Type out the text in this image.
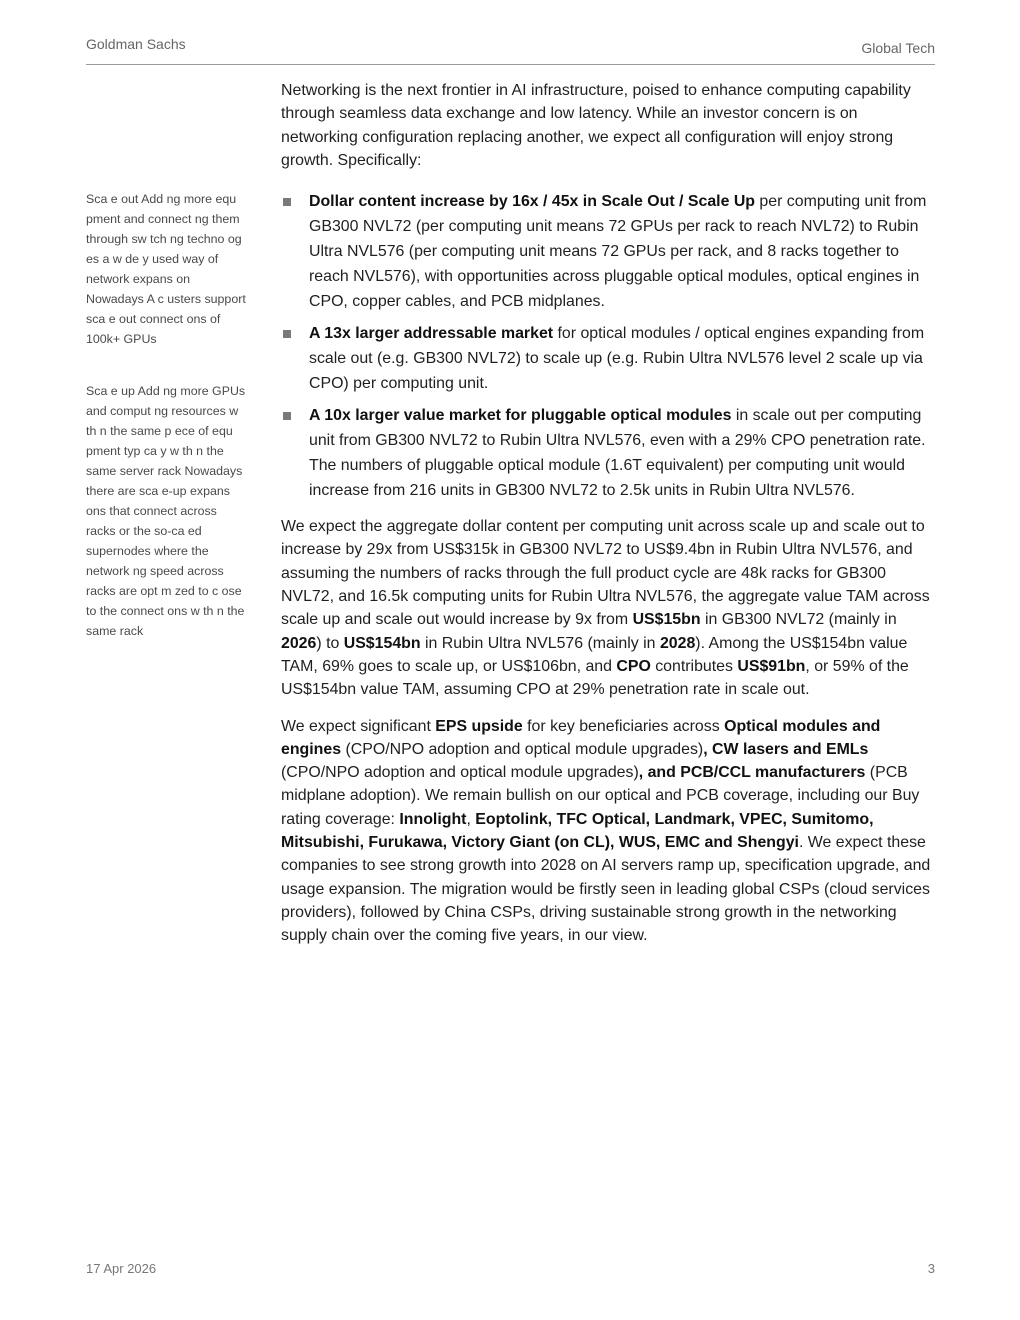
Goldman Sachs	Global Tech

Sca e out Add ng more equ pment and connect ng them through sw tch ng techno og es a w de y used way of network expans on Nowadays A c usters support sca e out connect ons of 100k+ GPUs

Sca e up Add ng more GPUs and comput ng resources w th n the same p ece of equ pment typ ca y w th n the same server rack Nowadays there are sca e-up expans ons that connect across racks or the so-ca ed supernodes where the network ng speed across racks are opt m zed to c ose to the connect ons w th n the same rack

Networking is the next frontier in AI infrastructure, poised to enhance computing capability through seamless data exchange and low latency. While an investor concern is on networking configuration replacing another, we expect all configuration will enjoy strong growth. Specifically:

Dollar content increase by 16x / 45x in Scale Out / Scale Up per computing unit from GB300 NVL72 (per computing unit means 72 GPUs per rack to reach NVL72) to Rubin Ultra NVL576 (per computing unit means 72 GPUs per rack, and 8 racks together to reach NVL576), with opportunities across pluggable optical modules, optical engines in CPO, copper cables, and PCB midplanes.
A 13x larger addressable market for optical modules / optical engines expanding from scale out (e.g. GB300 NVL72) to scale up (e.g. Rubin Ultra NVL576 level 2 scale up via CPO) per computing unit.
A 10x larger value market for pluggable optical modules in scale out per computing unit from GB300 NVL72 to Rubin Ultra NVL576, even with a 29% CPO penetration rate. The numbers of pluggable optical module (1.6T equivalent) per computing unit would increase from 216 units in GB300 NVL72 to 2.5k units in Rubin Ultra NVL576.

We expect the aggregate dollar content per computing unit across scale up and scale out to increase by 29x from US$315k in GB300 NVL72 to US$9.4bn in Rubin Ultra NVL576, and assuming the numbers of racks through the full product cycle are 48k racks for GB300 NVL72, and 16.5k computing units for Rubin Ultra NVL576, the aggregate value TAM across scale up and scale out would increase by 9x from US$15bn in GB300 NVL72 (mainly in 2026) to US$154bn in Rubin Ultra NVL576 (mainly in 2028). Among the US$154bn value TAM, 69% goes to scale up, or US$106bn, and CPO contributes US$91bn, or 59% of the US$154bn value TAM, assuming CPO at 29% penetration rate in scale out.

We expect significant EPS upside for key beneficiaries across Optical modules and engines (CPO/NPO adoption and optical module upgrades), CW lasers and EMLs (CPO/NPO adoption and optical module upgrades), and PCB/CCL manufacturers (PCB midplane adoption). We remain bullish on our optical and PCB coverage, including our Buy rating coverage: Innolight, Eoptolink, TFC Optical, Landmark, VPEC, Sumitomo, Mitsubishi, Furukawa, Victory Giant (on CL), WUS, EMC and Shengyi. We expect these companies to see strong growth into 2028 on AI servers ramp up, specification upgrade, and usage expansion. The migration would be firstly seen in leading global CSPs (cloud services providers), followed by China CSPs, driving sustainable strong growth in the networking supply chain over the coming five years, in our view.

17 Apr 2026	3
